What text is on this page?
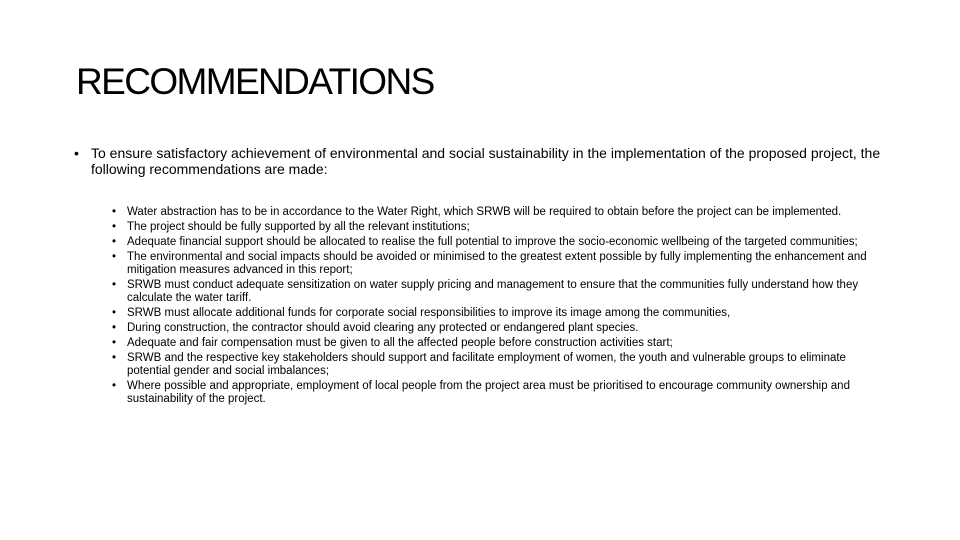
RECOMMENDATIONS
• To ensure satisfactory achievement of environmental and social sustainability in the implementation of the proposed project, the following recommendations are made:
• Water abstraction has to be in accordance to the Water Right, which SRWB will be required to obtain before the project can be implemented.
• The project should be fully supported by all the relevant institutions;
• Adequate financial support should be allocated to realise the full potential to improve the socio-economic wellbeing of the targeted communities;
• The environmental and social impacts should be avoided or minimised to the greatest extent possible by fully implementing the enhancement and mitigation measures advanced in this report;
• SRWB must conduct adequate sensitization on water supply pricing and management to ensure that the communities fully understand how they calculate the water tariff.
• SRWB must allocate additional funds for corporate social responsibilities to improve its image among the communities,
• During construction, the contractor should avoid clearing any protected or endangered plant species.
• Adequate and fair compensation must be given to all the affected people before construction activities start;
• SRWB and the respective key stakeholders should support and facilitate employment of women, the youth and vulnerable groups to eliminate potential gender and social imbalances;
• Where possible and appropriate, employment of local people from the project area must be prioritised to encourage community ownership and sustainability of the project.
